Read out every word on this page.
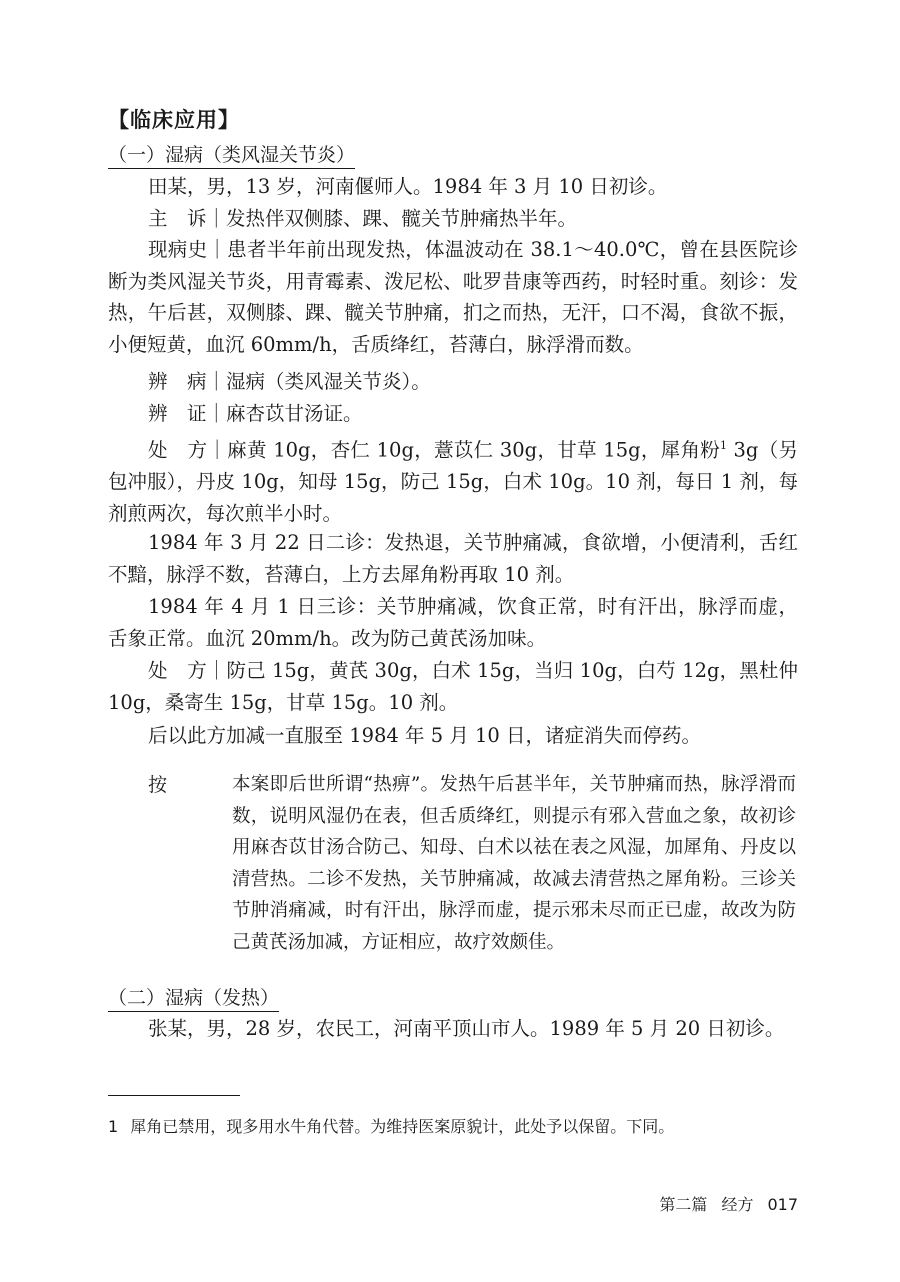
【临床应用】
（一）湿病（类风湿关节炎）
田某，男，13 岁，河南偃师人。1984 年 3 月 10 日初诊。
主　诉｜发热伴双侧膝、踝、髋关节肿痛热半年。
现病史｜患者半年前出现发热，体温波动在 38.1～40.0℃，曾在县医院诊断为类风湿关节炎，用青霉素、泼尼松、吡罗昔康等西药，时轻时重。刻诊：发热，午后甚，双侧膝、踝、髋关节肿痛，扪之而热，无汗，口不渴，食欲不振，小便短黄，血沉 60mm/h，舌质绛红，苔薄白，脉浮滑而数。
辨　病｜湿病（类风湿关节炎）。
辨　证｜麻杏苡甘汤证。
处　方｜麻黄 10g，杏仁 10g，薏苡仁 30g，甘草 15g，犀角粉$^1$ 3g（另包冲服），丹皮 10g，知母 15g，防己 15g，白术 10g。10 剂，每日 1 剂，每剂煎两次，每次煎半小时。
1984 年 3 月 22 日二诊：发热退，关节肿痛减，食欲增，小便清利，舌红不黯，脉浮不数，苔薄白，上方去犀角粉再取 10 剂。
1984 年 4 月 1 日三诊：关节肿痛减，饮食正常，时有汗出，脉浮而虚，舌象正常。血沉 20mm/h。改为防己黄芪汤加味。
处　方｜防己 15g，黄芪 30g，白术 15g，当归 10g，白芍 12g，黑杜仲 10g，桑寄生 15g，甘草 15g。10 剂。
后以此方加减一直服至 1984 年 5 月 10 日，诸症消失而停药。
按	本案即后世所谓“热痹”。发热午后甚半年，关节肿痛而热，脉浮滑而数，说明风湿仍在表，但舌质绛红，则提示有邪入营血之象，故初诊用麻杏苡甘汤合防己、知母、白术以祛在表之风湿，加犀角、丹皮以清营热。二诊不发热，关节肿痛减，故减去清营热之犀角粉。三诊关节肿消痛减，时有汗出，脉浮而虚，提示邪未尽而正已虚，故改为防己黄芪汤加减，方证相应，故疗效颇佳。
（二）湿病（发热）
张某，男，28 岁，农民工，河南平顶山市人。1989 年 5 月 20 日初诊。
1 犀角已禁用，现多用水牛角代替。为维持医案原貌计，此处予以保留。下同。
第二篇 经方 017
